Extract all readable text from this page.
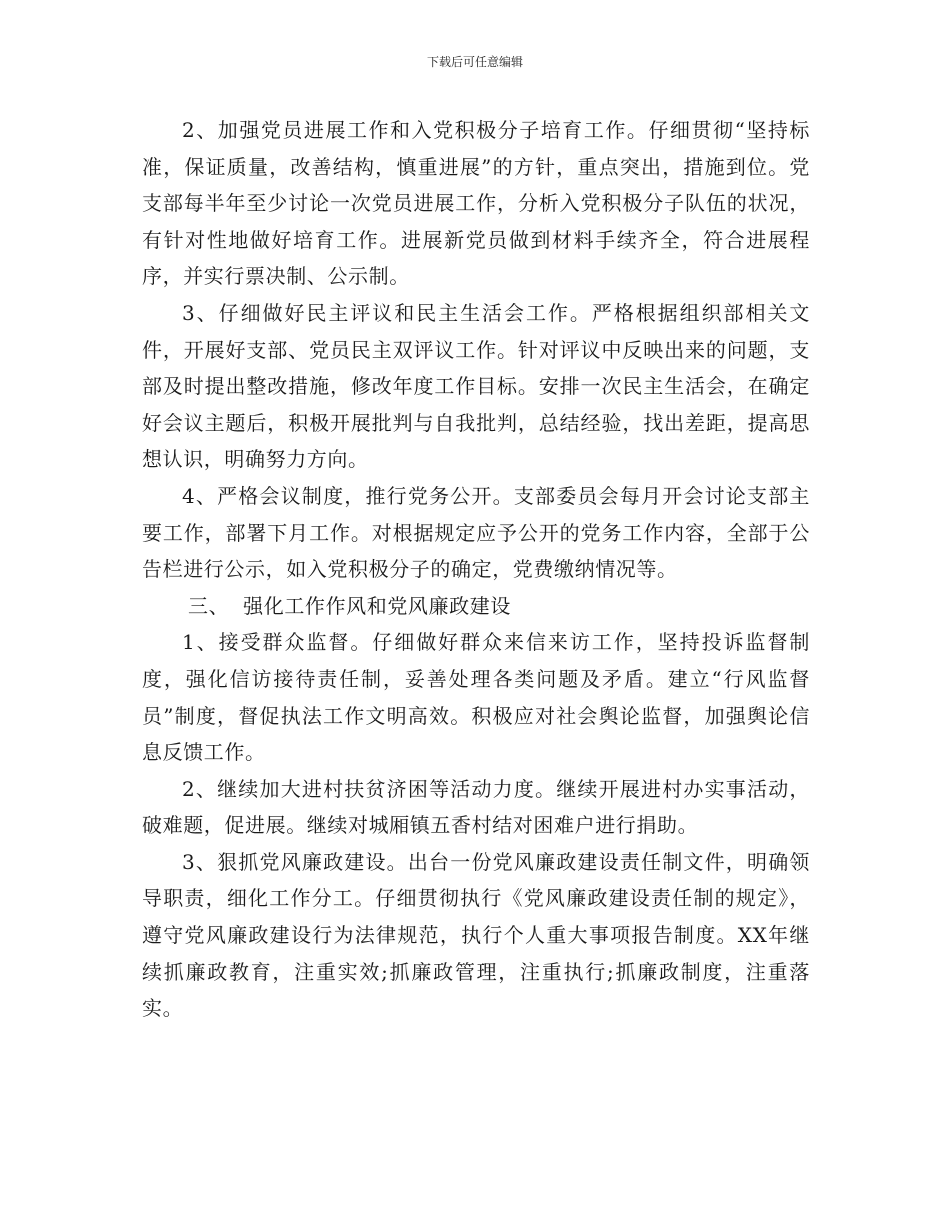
下载后可任意编辑

2、加强党员进展工作和入党积极分子培育工作。仔细贯彻“坚持标准，保证质量，改善结构，慎重进展”的方针，重点突出，措施到位。党支部每半年至少讨论一次党员进展工作，分析入党积极分子队伍的状况，有针对性地做好培育工作。进展新党员做到材料手续齐全，符合进展程序，并实行票决制、公示制。

3、仔细做好民主评议和民主生活会工作。严格根据组织部相关文件，开展好支部、党员民主双评议工作。针对评议中反映出来的问题，支部及时提出整改措施，修改年度工作目标。安排一次民主生活会，在确定好会议主题后，积极开展批判与自我批判，总结经验，找出差距，提高思想认识，明确努力方向。

4、严格会议制度，推行党务公开。支部委员会每月开会讨论支部主要工作，部署下月工作。对根据规定应予公开的党务工作内容，全部于公告栏进行公示，如入党积极分子的确定，党费缴纳情况等。

三、  强化工作作风和党风廉政建设

1、接受群众监督。仔细做好群众来信来访工作，坚持投诉监督制度，强化信访接待责任制，妥善处理各类问题及矛盾。建立“行风监督员”制度，督促执法工作文明高效。积极应对社会舆论监督，加强舆论信息反馈工作。

2、继续加大进村扶贫济困等活动力度。继续开展进村办实事活动，破难题，促进展。继续对城厢镇五香村结对困难户进行捐助。

3、狠抓党风廉政建设。出台一份党风廉政建设责任制文件，明确领导职责，细化工作分工。仔细贯彻执行《党风廉政建设责任制的规定》，遵守党风廉政建设行为法律规范，执行个人重大事项报告制度。XX年继续抓廉政教育，注重实效;抓廉政管理，注重执行;抓廉政制度，注重落实。
